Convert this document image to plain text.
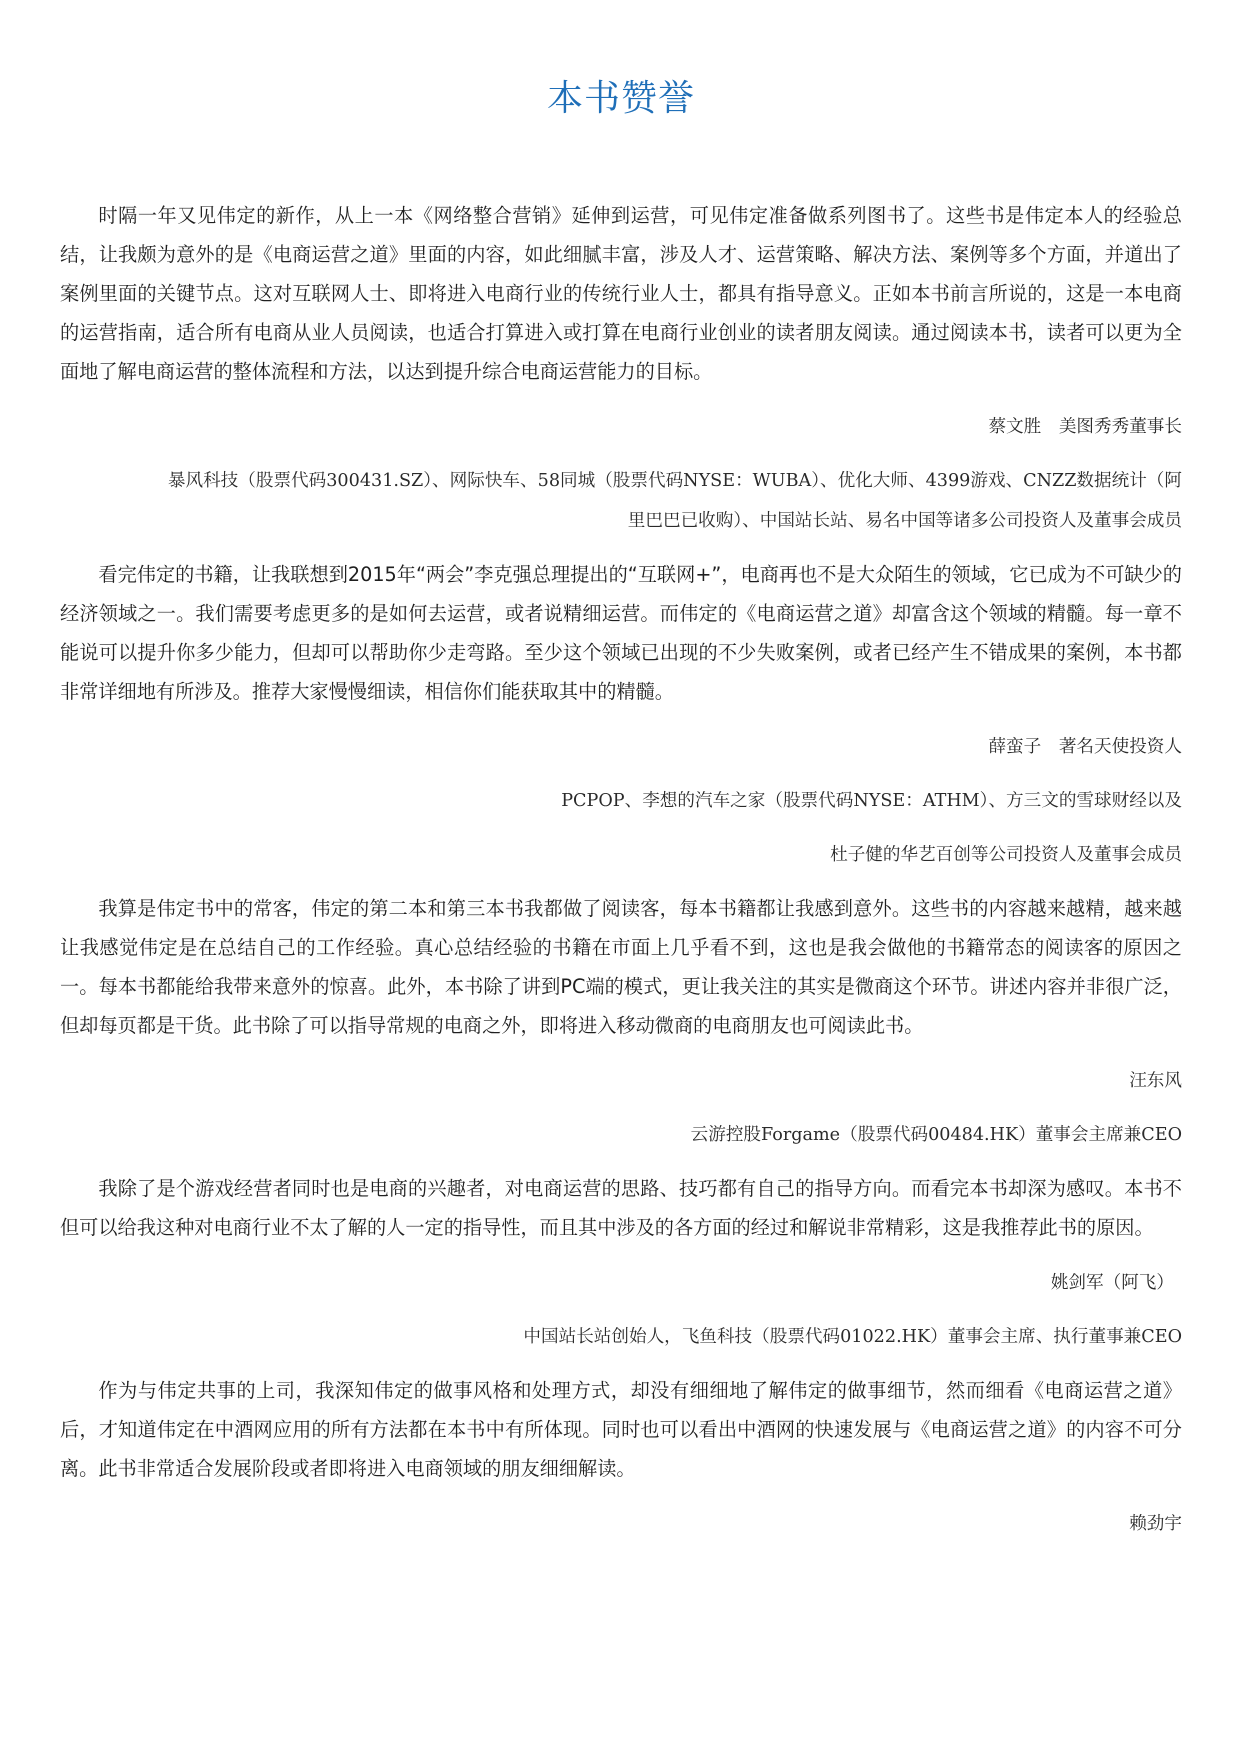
本书赞誉

时隔一年又见伟定的新作，从上一本《网络整合营销》延伸到运营，可见伟定准备做系列图书了。这些书是伟定本人的经验总结，让我颇为意外的是《电商运营之道》里面的内容，如此细腻丰富，涉及人才、运营策略、解决方法、案例等多个方面，并道出了案例里面的关键节点。这对互联网人士、即将进入电商行业的传统行业人士，都具有指导意义。正如本书前言所说的，这是一本电商的运营指南，适合所有电商从业人员阅读，也适合打算进入或打算在电商行业创业的读者朋友阅读。通过阅读本书，读者可以更为全面地了解电商运营的整体流程和方法，以达到提升综合电商运营能力的目标。

蔡文胜　美图秀秀董事长

暴风科技（股票代码300431.SZ）、网际快车、58同城（股票代码NYSE：WUBA）、优化大师、4399游戏、CNZZ数据统计（阿
里巴巴已收购）、中国站长站、易名中国等诸多公司投资人及董事会成员

看完伟定的书籍，让我联想到2015年“两会”李克强总理提出的“互联网+”，电商再也不是大众陌生的领域，它已成为不可缺少的经济领域之一。我们需要考虑更多的是如何去运营，或者说精细运营。而伟定的《电商运营之道》却富含这个领域的精髓。每一章不能说可以提升你多少能力，但却可以帮助你少走弯路。至少这个领域已出现的不少失败案例，或者已经产生不错成果的案例，本书都非常详细地有所涉及。推荐大家慢慢细读，相信你们能获取其中的精髓。

薛蛮子　著名天使投资人

PCPOP、李想的汽车之家（股票代码NYSE：ATHM）、方三文的雪球财经以及
杜子健的华艺百创等公司投资人及董事会成员

我算是伟定书中的常客，伟定的第二本和第三本书我都做了阅读客，每本书籍都让我感到意外。这些书的内容越来越精，越来越让我感觉伟定是在总结自己的工作经验。真心总结经验的书籍在市面上几乎看不到，这也是我会做他的书籍常态的阅读客的原因之一。每本书都能给我带来意外的惊喜。此外，本书除了讲到PC端的模式，更让我关注的其实是微商这个环节。讲述内容并非很广泛，但却每页都是干货。此书除了可以指导常规的电商之外，即将进入移动微商的电商朋友也可阅读此书。

汪东风

云游控股Forgame（股票代码00484.HK）董事会主席兼CEO

我除了是个游戏经营者同时也是电商的兴趣者，对电商运营的思路、技巧都有自己的指导方向。而看完本书却深为感叹。本书不但可以给我这种对电商行业不太了解的人一定的指导性，而且其中涉及的各方面的经过和解说非常精彩，这是我推荐此书的原因。

姚剑军（阿飞）

中国站长站创始人，飞鱼科技（股票代码01022.HK）董事会主席、执行董事兼CEO

作为与伟定共事的上司，我深知伟定的做事风格和处理方式，却没有细细地了解伟定的做事细节，然而细看《电商运营之道》后，才知道伟定在中酒网应用的所有方法都在本书中有所体现。同时也可以看出中酒网的快速发展与《电商运营之道》的内容不可分离。此书非常适合发展阶段或者即将进入电商领域的朋友细细解读。

赖劲宇
